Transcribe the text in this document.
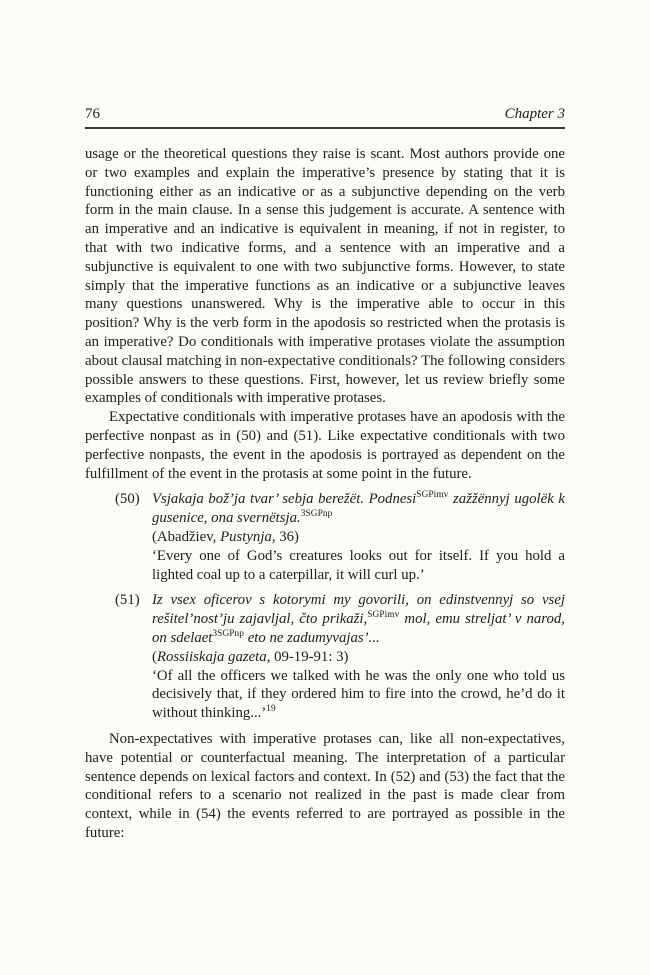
76	Chapter 3

usage or the theoretical questions they raise is scant. Most authors provide one or two examples and explain the imperative’s presence by stating that it is functioning either as an indicative or as a subjunctive depending on the verb form in the main clause. In a sense this judgement is accurate. A sentence with an imperative and an indicative is equivalent in meaning, if not in register, to that with two indicative forms, and a sentence with an imperative and a subjunctive is equivalent to one with two subjunctive forms. However, to state simply that the imperative functions as an indicative or a subjunctive leaves many questions unanswered. Why is the imperative able to occur in this position? Why is the verb form in the apodosis so restricted when the protasis is an imperative? Do conditionals with imperative protases violate the assumption about clausal matching in non-expectative conditionals? The following considers possible answers to these questions. First, however, let us review briefly some examples of conditionals with imperative protases.

Expectative conditionals with imperative protases have an apodosis with the perfective nonpast as in (50) and (51). Like expectative conditionals with two perfective nonpasts, the event in the apodosis is portrayed as dependent on the fulfillment of the event in the protasis at some point in the future.

(50) Vsjakaja bož’ja tvar’ sebja berežët. Podnesi$^{SGPimv}$ zažžënnyj ugolëk k gusenice, ona svernëtsja.$^{3SGPnp}$
(Abadžiev, Pustynja, 36)
‘Every one of God’s creatures looks out for itself. If you hold a lighted coal up to a caterpillar, it will curl up.’
(51) Iz vsex oficerov s kotorymi my govorili, on edinstvennyj so vsej rešitel’nost’ju zajavljal, čto prikaži,$^{SGPimv}$ mol, emu streljat’ v narod, on sdelaet$^{3SGPnp}$ eto ne zadumyvajas’...
(Rossiiskaja gazeta, 09-19-91: 3)
‘Of all the officers we talked with he was the only one who told us decisively that, if they ordered him to fire into the crowd, he’d do it without thinking...’$^{19}$

Non-expectatives with imperative protases can, like all non-expectatives, have potential or counterfactual meaning. The interpretation of a particular sentence depends on lexical factors and context. In (52) and (53) the fact that the conditional refers to a scenario not realized in the past is made clear from context, while in (54) the events referred to are portrayed as possible in the future:
